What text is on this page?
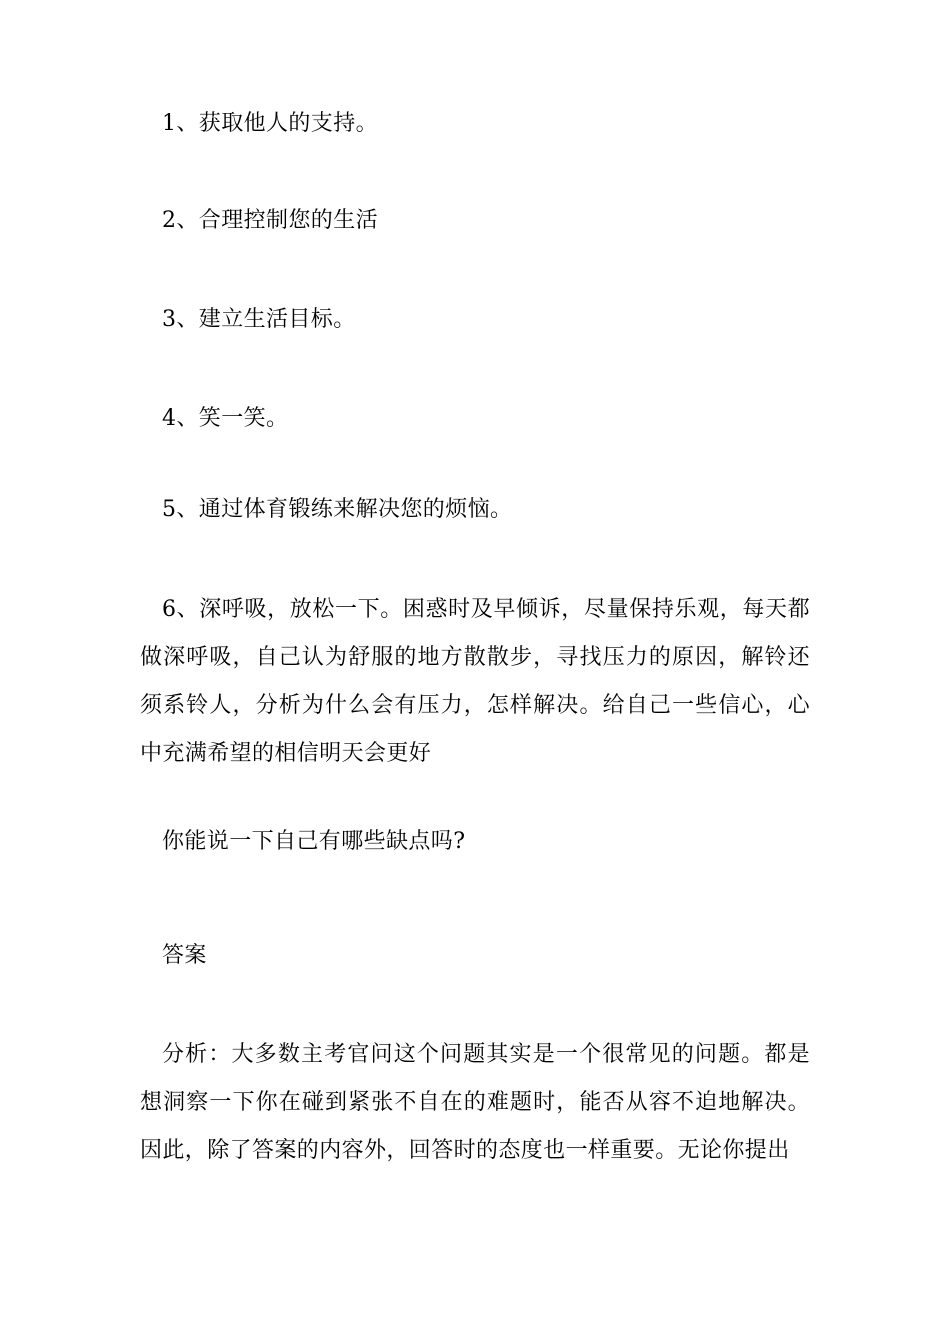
1、获取他人的支持。

2、合理控制您的生活

3、建立生活目标。

4、笑一笑。

5、通过体育锻练来解决您的烦恼。

6、深呼吸，放松一下。困惑时及早倾诉，尽量保持乐观，每天都做深呼吸，自己认为舒服的地方散散步，寻找压力的原因，解铃还须系铃人，分析为什么会有压力，怎样解决。给自己一些信心，心中充满希望的相信明天会更好

你能说一下自己有哪些缺点吗?

答案

分析：大多数主考官问这个问题其实是一个很常见的问题。都是想洞察一下你在碰到紧张不自在的难题时，能否从容不迫地解决。因此，除了答案的内容外，回答时的态度也一样重要。无论你提出
